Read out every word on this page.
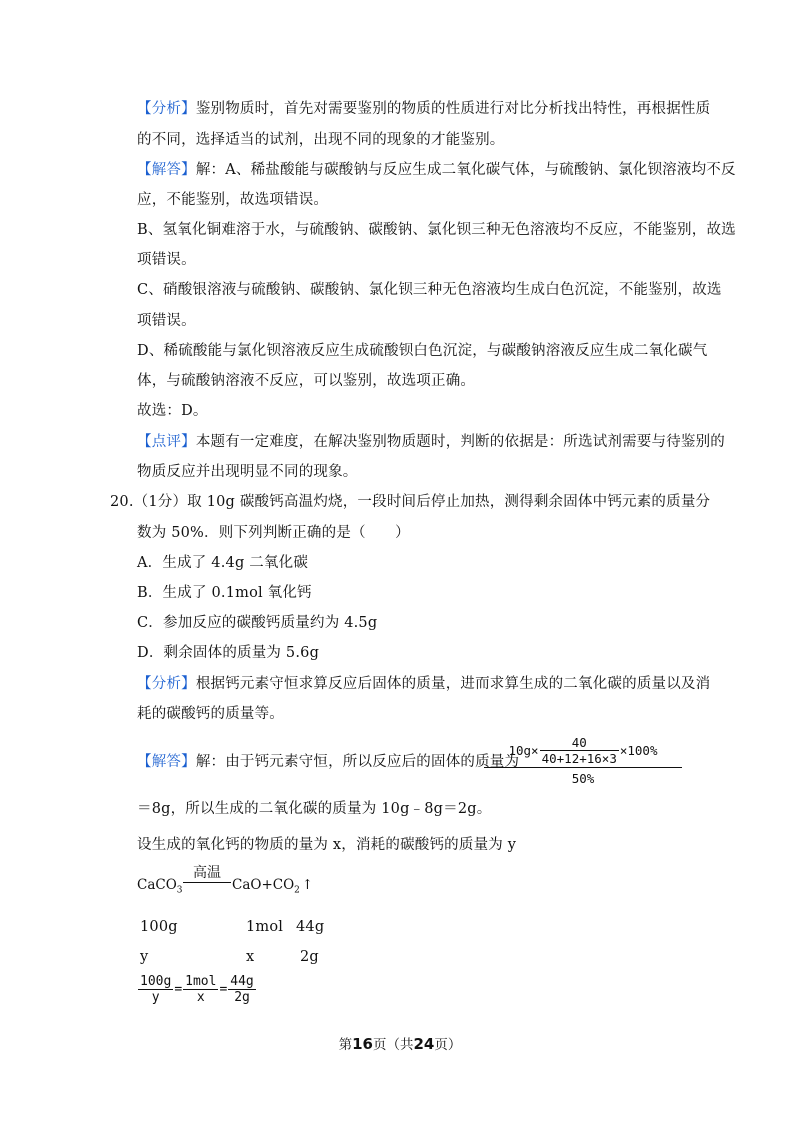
【分析】鉴别物质时，首先对需要鉴别的物质的性质进行对比分析找出特性，再根据性质
的不同，选择适当的试剂，出现不同的现象的才能鉴别。
【解答】解：A、稀盐酸能与碳酸钠与反应生成二氧化碳气体，与硫酸钠、氯化钡溶液均不反
应，不能鉴别，故选项错误。
B、氢氧化铜难溶于水，与硫酸钠、碳酸钠、氯化钡三种无色溶液均不反应，不能鉴别，故选
项错误。
C、硝酸银溶液与硫酸钠、碳酸钠、氯化钡三种无色溶液均生成白色沉淀，不能鉴别，故选
项错误。
D、稀硫酸能与氯化钡溶液反应生成硫酸钡白色沉淀，与碳酸钠溶液反应生成二氧化碳气
体，与硫酸钠溶液不反应，可以鉴别，故选项正确。
故选：D。
【点评】本题有一定难度，在解决鉴别物质题时，判断的依据是：所选试剂需要与待鉴别的
物质反应并出现明显不同的现象。
20.（1分）取 10g 碳酸钙高温灼烧，一段时间后停止加热，测得剩余固体中钙元素的质量分
数为 50%．则下列判断正确的是（　　）
A．生成了 4.4g 二氧化碳
B．生成了 0.1mol 氧化钙
C．参加反应的碳酸钙质量约为 4.5g
D．剩余固体的质量为 5.6g
【分析】根据钙元素守恒求算反应后固体的质量，进而求算生成的二氧化碳的质量以及消
耗的碳酸钙的质量等。
【解答】解：由于钙元素守恒，所以反应后的固体的质量为
$\frac{10g\times \frac{40}{40+12+16\times 3} \times 100\%}{50\%}$
＝8g，所以生成的二氧化碳的质量为 10g﹣8g＝2g。
设生成的氧化钙的物质的量为 x，消耗的碳酸钙的质量为 y
高温
CaCO$_3$	$CaO+CO_2$ ↑
100g	1mol 44g
y	x	2g
$\frac{100g}{y} = \frac{\text{1mol}}{x} = \frac{44g}{2g}$
第16页（共24页）
